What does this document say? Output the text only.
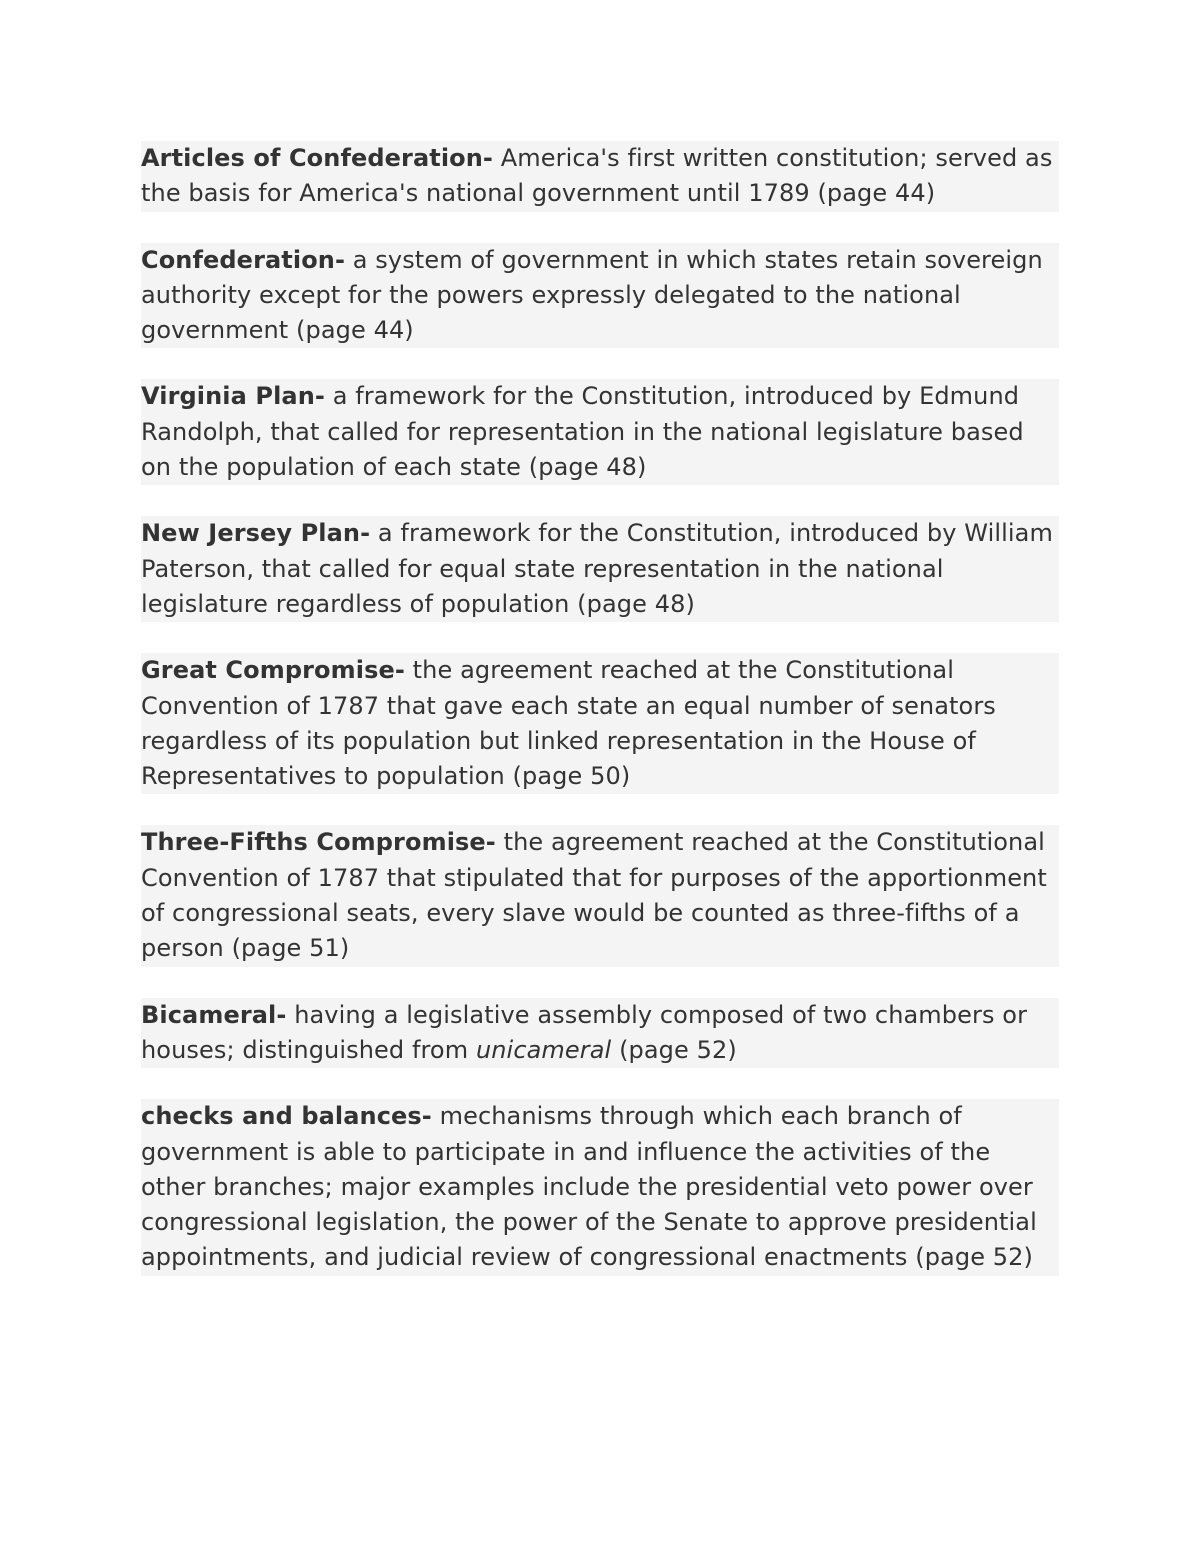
Articles of Confederation- America's first written constitution; served as the basis for America's national government until 1789 (page 44)

Confederation- a system of government in which states retain sovereign authority except for the powers expressly delegated to the national government (page 44)

Virginia Plan- a framework for the Constitution, introduced by Edmund Randolph, that called for representation in the national legislature based on the population of each state (page 48)

New Jersey Plan- a framework for the Constitution, introduced by William Paterson, that called for equal state representation in the national legislature regardless of population (page 48)

Great Compromise- the agreement reached at the Constitutional Convention of 1787 that gave each state an equal number of senators regardless of its population but linked representation in the House of Representatives to population (page 50)

Three-Fifths Compromise- the agreement reached at the Constitutional Convention of 1787 that stipulated that for purposes of the apportionment of congressional seats, every slave would be counted as three-fifths of a person (page 51)

Bicameral- having a legislative assembly composed of two chambers or houses; distinguished from unicameral (page 52)

checks and balances- mechanisms through which each branch of government is able to participate in and influence the activities of the other branches; major examples include the presidential veto power over congressional legislation, the power of the Senate to approve presidential appointments, and judicial review of congressional enactments (page 52)
